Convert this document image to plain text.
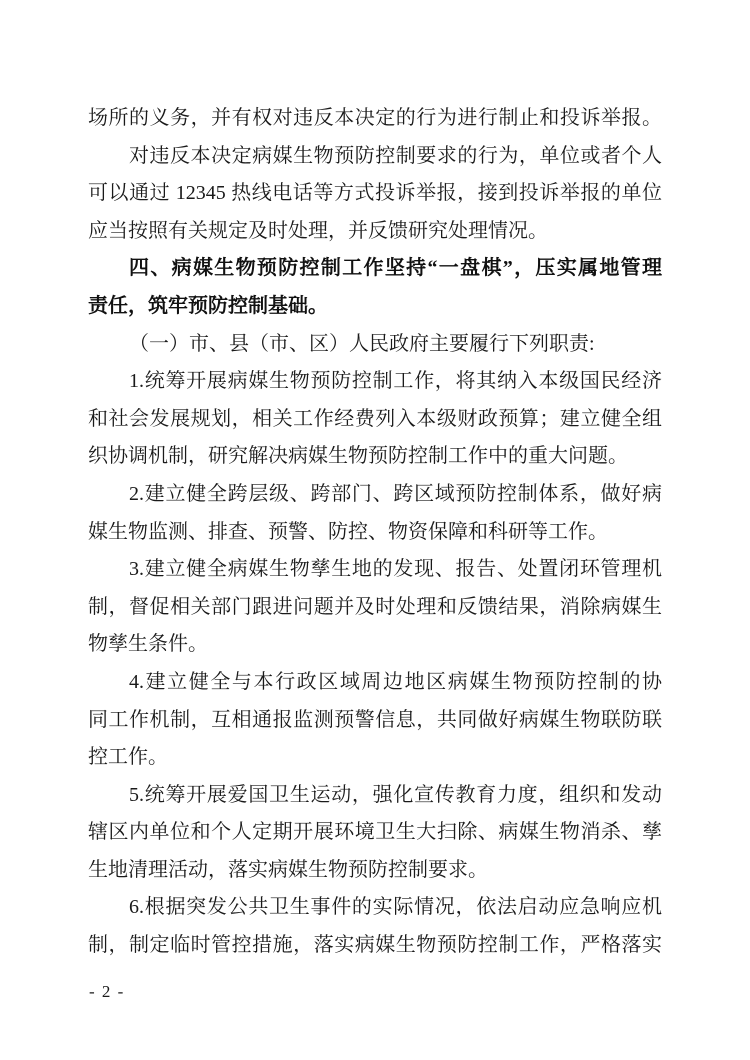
场所的义务，并有权对违反本决定的行为进行制止和投诉举报。
对违反本决定病媒生物预防控制要求的行为，单位或者个人
可以通过 12345 热线电话等方式投诉举报，接到投诉举报的单位
应当按照有关规定及时处理，并反馈研究处理情况。
四、病媒生物预防控制工作坚持“一盘棋”，压实属地管理
责任，筑牢预防控制基础。
（一）市、县（市、区）人民政府主要履行下列职责:
1.统筹开展病媒生物预防控制工作，将其纳入本级国民经济
和社会发展规划，相关工作经费列入本级财政预算；建立健全组
织协调机制，研究解决病媒生物预防控制工作中的重大问题。
2.建立健全跨层级、跨部门、跨区域预防控制体系，做好病
媒生物监测、排查、预警、防控、物资保障和科研等工作。
3.建立健全病媒生物孳生地的发现、报告、处置闭环管理机
制，督促相关部门跟进问题并及时处理和反馈结果，消除病媒生
物孳生条件。
4.建立健全与本行政区域周边地区病媒生物预防控制的协
同工作机制，互相通报监测预警信息，共同做好病媒生物联防联
控工作。
5.统筹开展爱国卫生运动，强化宣传教育力度，组织和发动
辖区内单位和个人定期开展环境卫生大扫除、病媒生物消杀、孳
生地清理活动，落实病媒生物预防控制要求。
6.根据突发公共卫生事件的实际情况，依法启动应急响应机
制，制定临时管控措施，落实病媒生物预防控制工作，严格落实
- 2 -
